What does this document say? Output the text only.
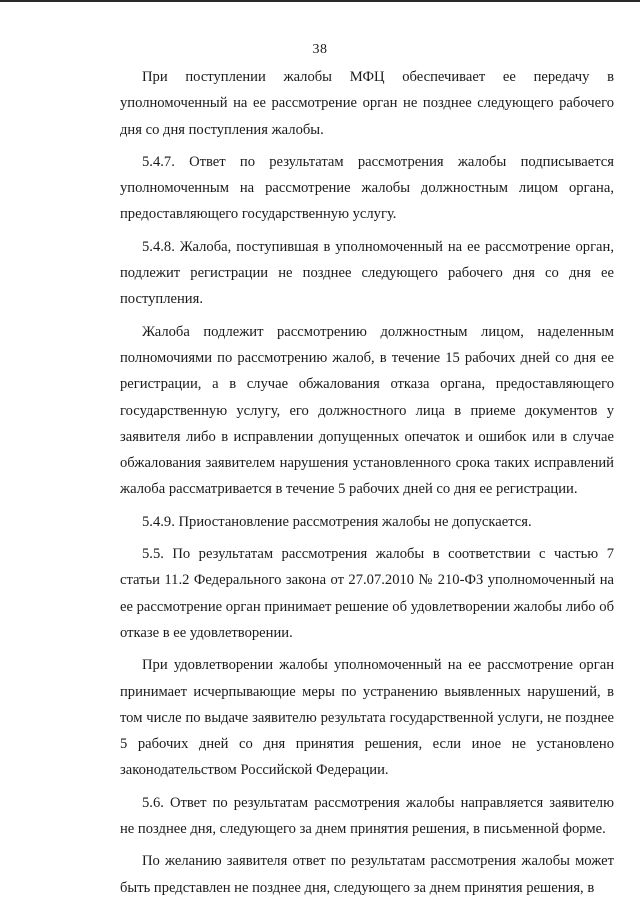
38

При поступлении жалобы МФЦ обеспечивает ее передачу в уполномоченный на ее рассмотрение орган не позднее следующего рабочего дня со дня поступления жалобы.

5.4.7. Ответ по результатам рассмотрения жалобы подписывается уполномоченным на рассмотрение жалобы должностным лицом органа, предоставляющего государственную услугу.

5.4.8. Жалоба, поступившая в уполномоченный на ее рассмотрение орган, подлежит регистрации не позднее следующего рабочего дня со дня ее поступления.

Жалоба подлежит рассмотрению должностным лицом, наделенным полномочиями по рассмотрению жалоб, в течение 15 рабочих дней со дня ее регистрации, а в случае обжалования отказа органа, предоставляющего государственную услугу, его должностного лица в приеме документов у заявителя либо в исправлении допущенных опечаток и ошибок или в случае обжалования заявителем нарушения установленного срока таких исправлений жалоба рассматривается в течение 5 рабочих дней со дня ее регистрации.

5.4.9. Приостановление рассмотрения жалобы не допускается.

5.5. По результатам рассмотрения жалобы в соответствии с частью 7 статьи 11.2 Федерального закона от 27.07.2010 № 210-ФЗ уполномоченный на ее рассмотрение орган принимает решение об удовлетворении жалобы либо об отказе в ее удовлетворении.

При удовлетворении жалобы уполномоченный на ее рассмотрение орган принимает исчерпывающие меры по устранению выявленных нарушений, в том числе по выдаче заявителю результата государственной услуги, не позднее 5 рабочих дней со дня принятия решения, если иное не установлено законодательством Российской Федерации.

5.6. Ответ по результатам рассмотрения жалобы направляется заявителю не позднее дня, следующего за днем принятия решения, в письменной форме.

По желанию заявителя ответ по результатам рассмотрения жалобы может быть представлен не позднее дня, следующего за днем принятия решения, в
